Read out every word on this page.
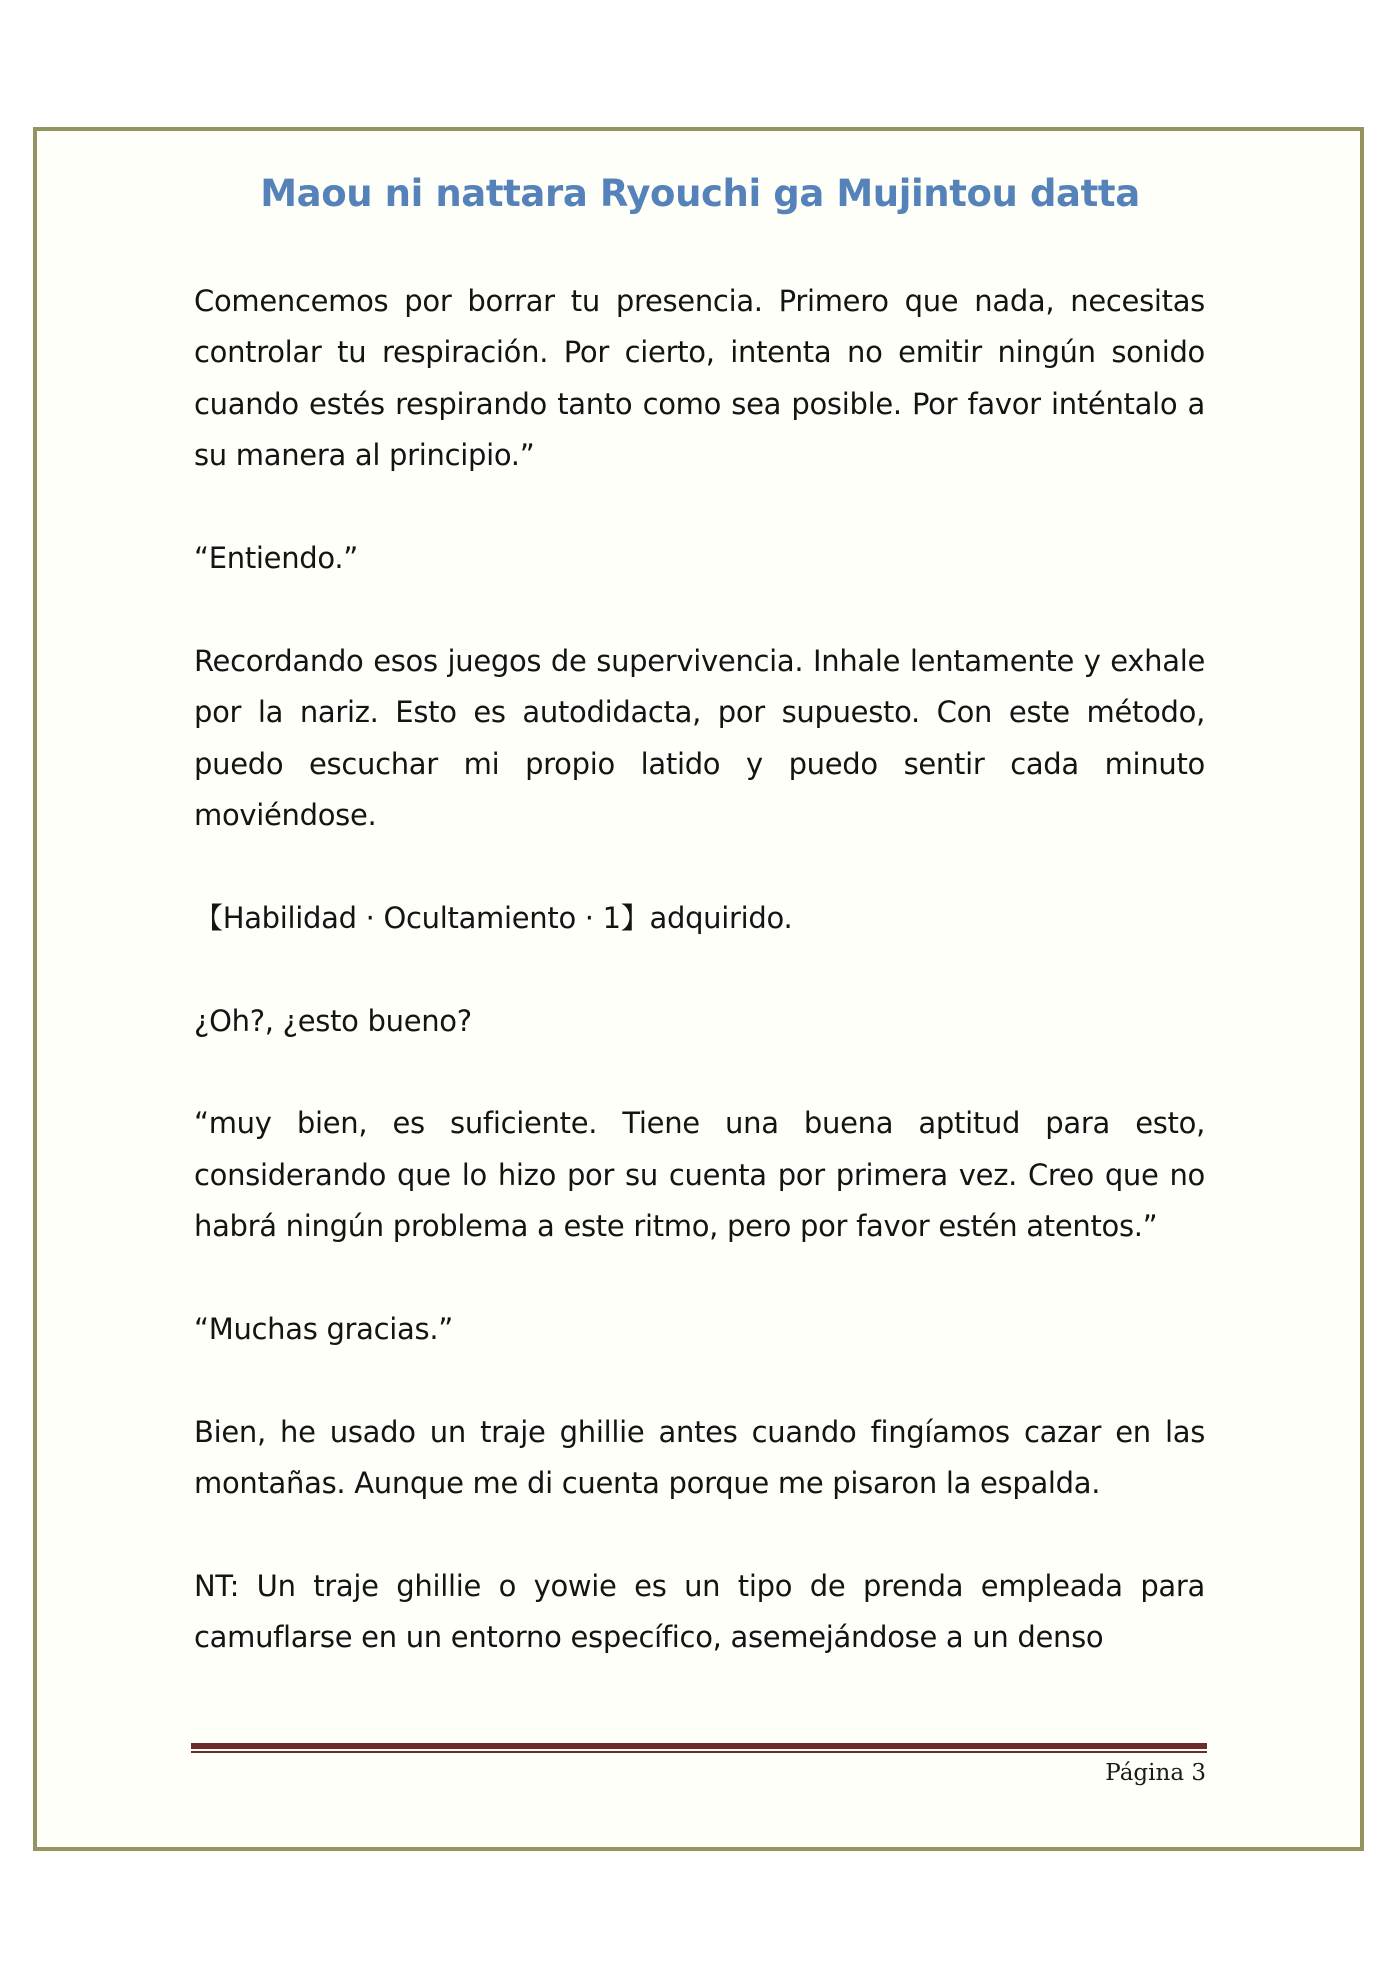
Maou ni nattara Ryouchi ga Mujintou datta

Comencemos por borrar tu presencia. Primero que nada, necesitas controlar tu respiración. Por cierto, intenta no emitir ningún sonido cuando estés respirando tanto como sea posible. Por favor inténtalo a su manera al principio.”

“Entiendo.”

Recordando esos juegos de supervivencia. Inhale lentamente y exhale por la nariz. Esto es autodidacta, por supuesto. Con este método, puedo escuchar mi propio latido y puedo sentir cada minuto moviéndose.

【Habilidad · Ocultamiento · 1】adquirido.

¿Oh?, ¿esto bueno?

“muy bien, es suficiente. Tiene una buena aptitud para esto, considerando que lo hizo por su cuenta por primera vez. Creo que no habrá ningún problema a este ritmo, pero por favor estén atentos.”

“Muchas gracias.”

Bien, he usado un traje ghillie antes cuando fingíamos cazar en las montañas. Aunque me di cuenta porque me pisaron la espalda.

NT: Un traje ghillie o yowie es un tipo de prenda empleada para camuflarse en un entorno específico, asemejándose a un denso

Página 3
